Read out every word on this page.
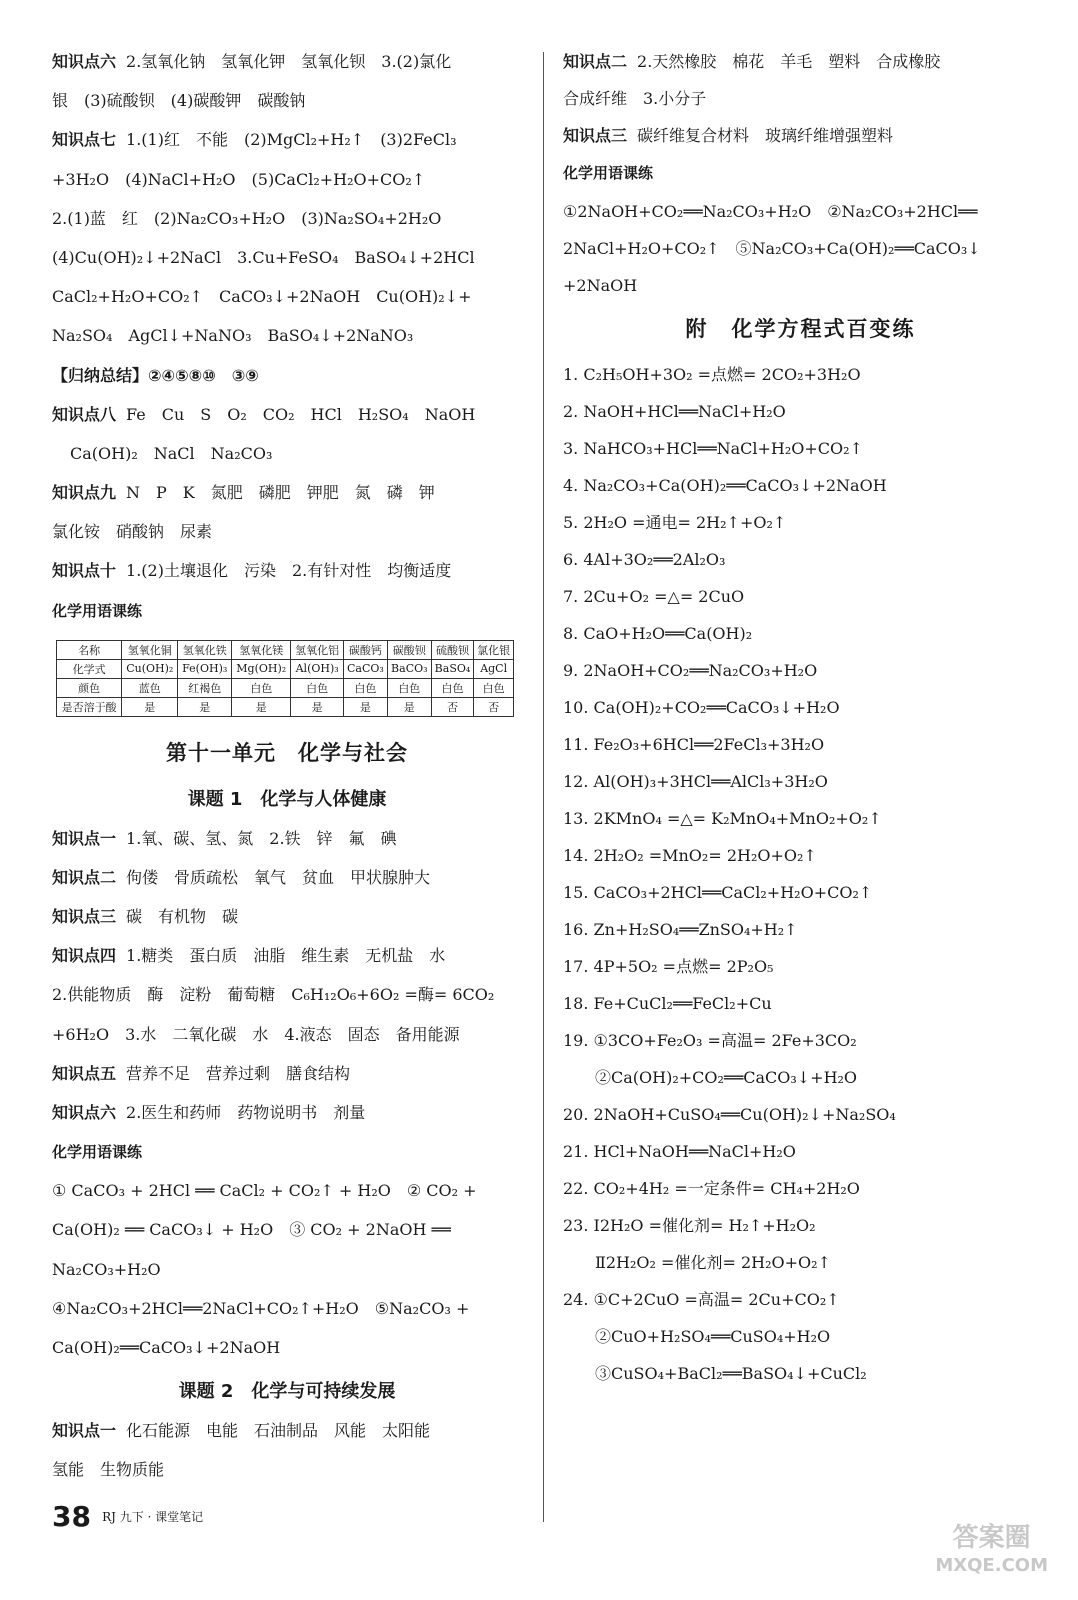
知识点六 2.氢氧化钠　氢氧化钾　氢氧化钡　3.(2)氯化
银　(3)硫酸钡　(4)碳酸钾　碳酸钠
知识点七 1.(1)红　不能　(2)MgCl₂+H₂↑　(3)2FeCl₃
+3H₂O　(4)NaCl+H₂O　(5)CaCl₂+H₂O+CO₂↑
2.(1)蓝　红　(2)Na₂CO₃+H₂O　(3)Na₂SO₄+2H₂O
(4)Cu(OH)₂↓+2NaCl　3.Cu+FeSO₄　BaSO₄↓+2HCl
CaCl₂+H₂O+CO₂↑　CaCO₃↓+2NaOH　Cu(OH)₂↓+
Na₂SO₄　AgCl↓+NaNO₃　BaSO₄↓+2NaNO₃
【归纳总结】②④⑤⑧⑩　③⑨
知识点八 Fe　Cu　S　O₂　CO₂　HCl　H₂SO₄　NaOH
Ca(OH)₂　NaCl　Na₂CO₃
知识点九 N　P　K　氮肥　磷肥　钾肥　氮　磷　钾
氯化铵　硝酸钠　尿素
知识点十 1.(2)土壤退化　污染　2.有针对性　均衡适度
化学用语课练
名称	氢氧化铜	氢氧化铁	氢氧化镁	氢氧化铝	碳酸钙	碳酸钡	硫酸钡	氯化银
化学式	Cu(OH)₂	Fe(OH)₃	Mg(OH)₂	Al(OH)₃	CaCO₃	BaCO₃	BaSO₄	AgCl
颜色	蓝色	红褐色	白色	白色	白色	白色	白色	白色
是否溶于酸	是	是	是	是	是	是	否	否
第十一单元　化学与社会
课题 1　化学与人体健康
知识点一 1.氧、碳、氢、氮　2.铁　锌　氟　碘
知识点二 佝偻　骨质疏松　氧气　贫血　甲状腺肿大
知识点三 碳　有机物　碳
知识点四 1.糖类　蛋白质　油脂　维生素　无机盐　水
2.供能物质　酶　淀粉　葡萄糖　C₆H₁₂O₆+6O₂ =酶= 6CO₂
+6H₂O　3.水　二氧化碳　水　4.液态　固态　备用能源
知识点五 营养不足　营养过剩　膳食结构
知识点六 2.医生和药师　药物说明书　剂量
化学用语课练
① CaCO₃ + 2HCl ══ CaCl₂ + CO₂↑ + H₂O　② CO₂ +
Ca(OH)₂ ══ CaCO₃↓ + H₂O　③ CO₂ + 2NaOH ══
Na₂CO₃+H₂O
④Na₂CO₃+2HCl══2NaCl+CO₂↑+H₂O　⑤Na₂CO₃ +
Ca(OH)₂══CaCO₃↓+2NaOH
课题 2　化学与可持续发展
知识点一 化石能源　电能　石油制品　风能　太阳能
氢能　生物质能
知识点二 2.天然橡胶　棉花　羊毛　塑料　合成橡胶
合成纤维　3.小分子
知识点三 碳纤维复合材料　玻璃纤维增强塑料
化学用语课练
①2NaOH+CO₂══Na₂CO₃+H₂O　②Na₂CO₃+2HCl══
2NaCl+H₂O+CO₂↑　⑤Na₂CO₃+Ca(OH)₂══CaCO₃↓
+2NaOH
附　化学方程式百变练
1. C₂H₅OH+3O₂ =点燃= 2CO₂+3H₂O
2. NaOH+HCl══NaCl+H₂O
3. NaHCO₃+HCl══NaCl+H₂O+CO₂↑
4. Na₂CO₃+Ca(OH)₂══CaCO₃↓+2NaOH
5. 2H₂O =通电= 2H₂↑+O₂↑
6. 4Al+3O₂══2Al₂O₃
7. 2Cu+O₂ =△= 2CuO
8. CaO+H₂O══Ca(OH)₂
9. 2NaOH+CO₂══Na₂CO₃+H₂O
10. Ca(OH)₂+CO₂══CaCO₃↓+H₂O
11. Fe₂O₃+6HCl══2FeCl₃+3H₂O
12. Al(OH)₃+3HCl══AlCl₃+3H₂O
13. 2KMnO₄ =△= K₂MnO₄+MnO₂+O₂↑
14. 2H₂O₂ =MnO₂= 2H₂O+O₂↑
15. CaCO₃+2HCl══CaCl₂+H₂O+CO₂↑
16. Zn+H₂SO₄══ZnSO₄+H₂↑
17. 4P+5O₂ =点燃= 2P₂O₅
18. Fe+CuCl₂══FeCl₂+Cu
19. ①3CO+Fe₂O₃ =高温= 2Fe+3CO₂
　　②Ca(OH)₂+CO₂══CaCO₃↓+H₂O
20. 2NaOH+CuSO₄══Cu(OH)₂↓+Na₂SO₄
21. HCl+NaOH══NaCl+H₂O
22. CO₂+4H₂ =一定条件= CH₄+2H₂O
23. Ⅰ2H₂O =催化剂= H₂↑+H₂O₂
　　Ⅱ2H₂O₂ =催化剂= 2H₂O+O₂↑
24. ①C+2CuO =高温= 2Cu+CO₂↑
　　②CuO+H₂SO₄══CuSO₄+H₂O
　　③CuSO₄+BaCl₂══BaSO₄↓+CuCl₂
38 RJ 九下 · 课堂笔记
答案圈
MXQE.COM
